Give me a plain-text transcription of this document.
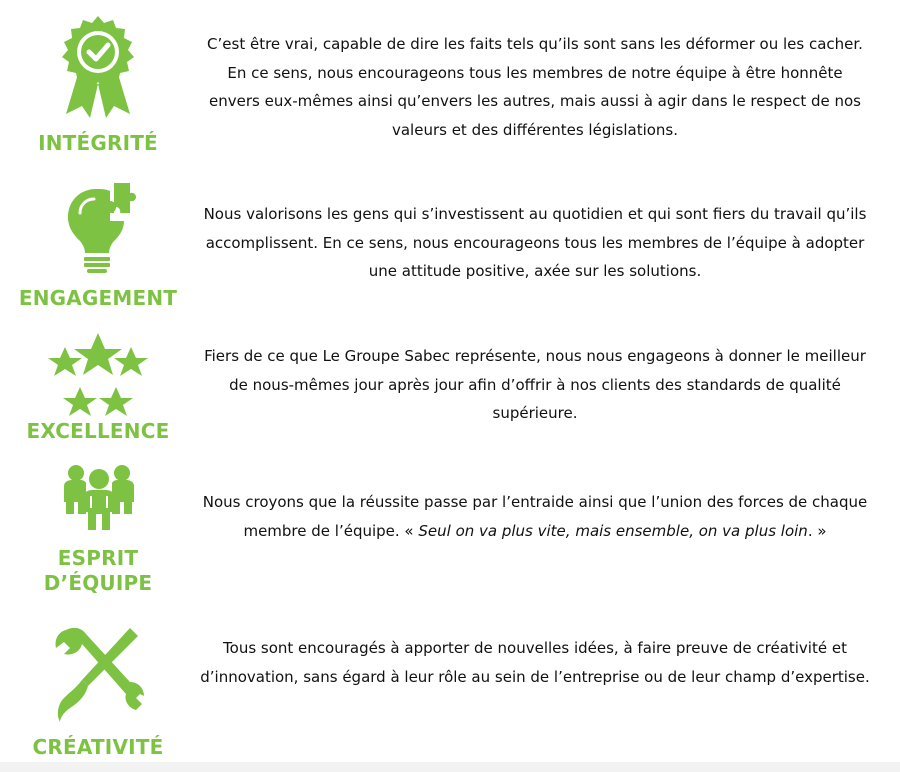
INTÉGRITÉ
C’est être vrai, capable de dire les faits tels qu’ils sont sans les déformer ou les cacher. En ce sens, nous encourageons tous les membres de notre équipe à être honnête envers eux-mêmes ainsi qu’envers les autres, mais aussi à agir dans le respect de nos valeurs et des différentes législations.
ENGAGEMENT
Nous valorisons les gens qui s’investissent au quotidien et qui sont fiers du travail qu’ils accomplissent. En ce sens, nous encourageons tous les membres de l’équipe à adopter une attitude positive, axée sur les solutions.
EXCELLENCE
Fiers de ce que Le Groupe Sabec représente, nous nous engageons à donner le meilleur de nous-mêmes jour après jour afin d’offrir à nos clients des standards de qualité supérieure.
ESPRIT
D’ÉQUIPE
Nous croyons que la réussite passe par l’entraide ainsi que l’union des forces de chaque membre de l’équipe. « Seul on va plus vite, mais ensemble, on va plus loin. »
CRÉATIVITÉ
Tous sont encouragés à apporter de nouvelles idées, à faire preuve de créativité et d’innovation, sans égard à leur rôle au sein de l’entreprise ou de leur champ d’expertise.
